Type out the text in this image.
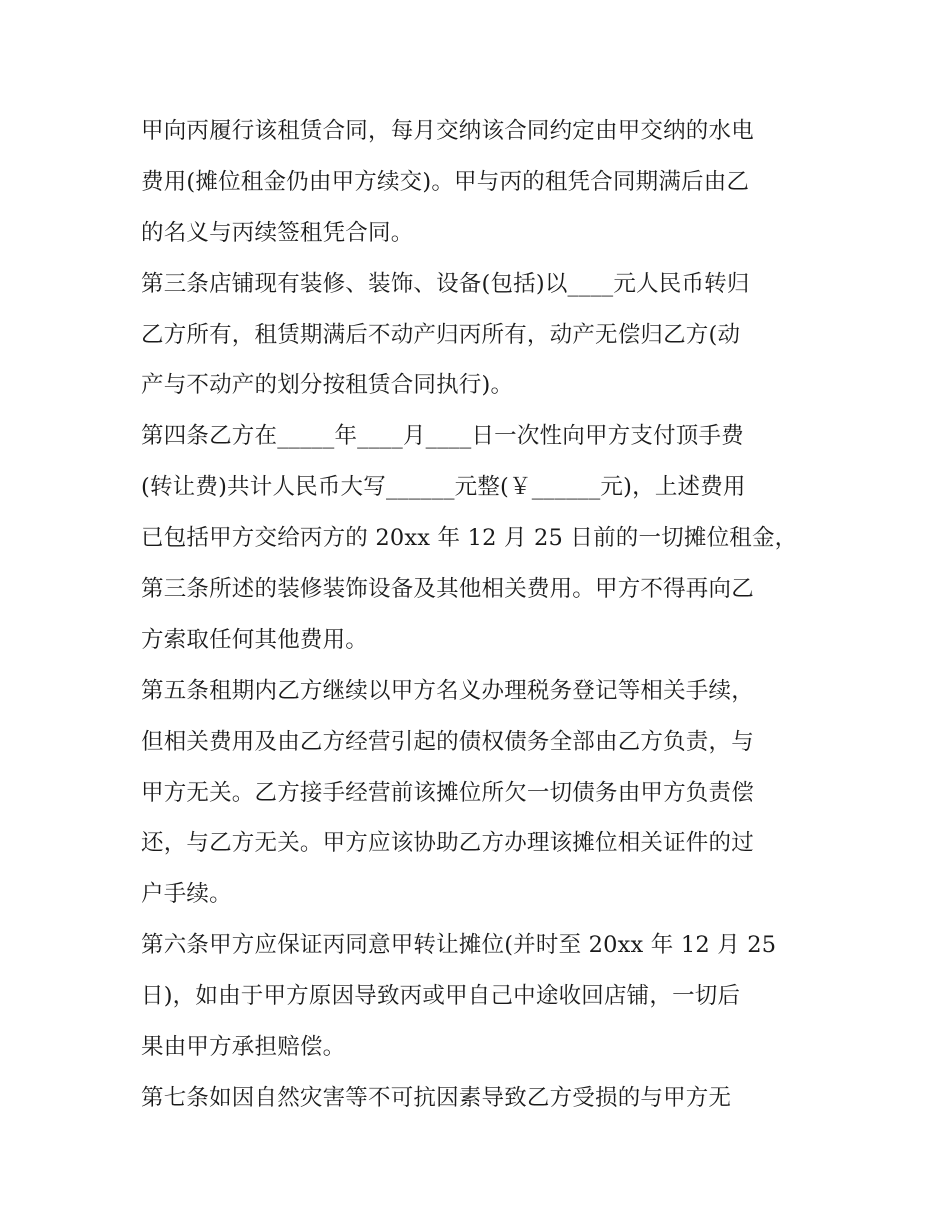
甲向丙履行该租赁合同，每月交纳该合同约定由甲交纳的水电
费用(摊位租金仍由甲方续交)。甲与丙的租凭合同期满后由乙
的名义与丙续签租凭合同。
第三条店铺现有装修、装饰、设备(包括)以____元人民币转归
乙方所有，租赁期满后不动产归丙所有，动产无偿归乙方(动
产与不动产的划分按租赁合同执行)。
第四条乙方在_____年____月____日一次性向甲方支付顶手费
(转让费)共计人民币大写______元整(￥______元)，上述费用
已包括甲方交给丙方的 20xx 年 12 月 25 日前的一切摊位租金，
第三条所述的装修装饰设备及其他相关费用。甲方不得再向乙
方索取任何其他费用。
第五条租期内乙方继续以甲方名义办理税务登记等相关手续，
但相关费用及由乙方经营引起的债权债务全部由乙方负责，与
甲方无关。乙方接手经营前该摊位所欠一切债务由甲方负责偿
还，与乙方无关。甲方应该协助乙方办理该摊位相关证件的过
户手续。
第六条甲方应保证丙同意甲转让摊位(并时至 20xx 年 12 月 25
日)，如由于甲方原因导致丙或甲自己中途收回店铺，一切后
果由甲方承担赔偿。
第七条如因自然灾害等不可抗因素导致乙方受损的与甲方无
